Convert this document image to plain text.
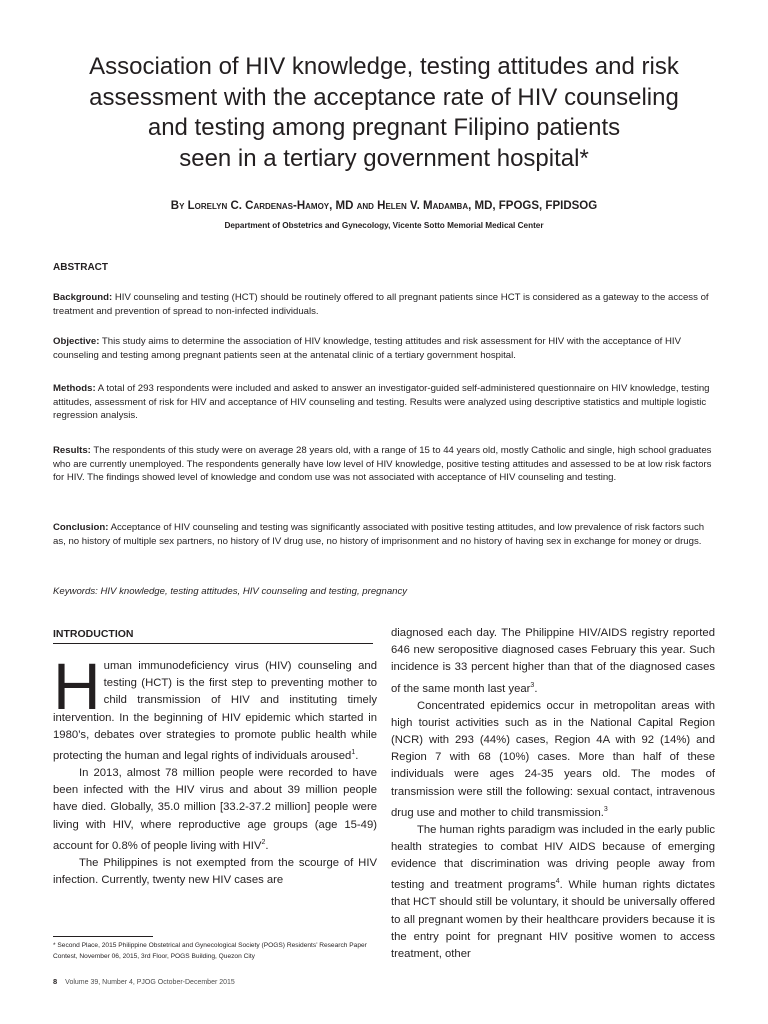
Association of HIV knowledge, testing attitudes and risk
assessment with the acceptance rate of HIV counseling
and testing among pregnant Filipino patients
seen in a tertiary government hospital*
By Lorelyn C. Cardenas-Hamoy, MD and Helen V. Madamba, MD, FPOGS, FPIDSOG
Department of Obstetrics and Gynecology, Vicente Sotto Memorial Medical Center
ABSTRACT
Background: HIV counseling and testing (HCT) should be routinely offered to all pregnant patients since HCT is considered as a gateway to the access of treatment and prevention of spread to non-infected individuals.
Objective: This study aims to determine the association of HIV knowledge, testing attitudes and risk assessment for HIV with the acceptance of HIV counseling and testing among pregnant patients seen at the antenatal clinic of a tertiary government hospital.
Methods: A total of 293 respondents were included and asked to answer an investigator-guided self-administered questionnaire on HIV knowledge, testing attitudes, assessment of risk for HIV and acceptance of HIV counseling and testing. Results were analyzed using descriptive statistics and multiple logistic regression analysis.
Results: The respondents of this study were on average 28 years old, with a range of 15 to 44 years old, mostly Catholic and single, high school graduates who are currently unemployed. The respondents generally have low level of HIV knowledge, positive testing attitudes and assessed to be at low risk factors for HIV. The findings showed level of knowledge and condom use was not associated with acceptance of HIV counseling and testing.
Conclusion: Acceptance of HIV counseling and testing was significantly associated with positive testing attitudes, and low prevalence of risk factors such as, no history of multiple sex partners, no history of IV drug use, no history of imprisonment and no history of having sex in exchange for money or drugs.
Keywords: HIV knowledge, testing attitudes, HIV counseling and testing, pregnancy
INTRODUCTION

Human immunodeficiency virus (HIV) counseling and testing (HCT) is the first step to preventing mother to child transmission of HIV and instituting timely intervention. In the beginning of HIV epidemic which started in 1980’s, debates over strategies to promote public health while protecting the human and legal rights of individuals aroused$^1$.

In 2013, almost 78 million people were recorded to have been infected with the HIV virus and about 39 million people have died. Globally, 35.0 million [33.2-37.2 million] people were living with HIV, where reproductive age groups (age 15-49) account for 0.8% of people living with HIV$^2$.

The Philippines is not exempted from the scourge of HIV infection. Currently, twenty new HIV cases are

diagnosed each day. The Philippine HIV/AIDS registry reported 646 new seropositive diagnosed cases February this year. Such incidence is 33 percent higher than that of the diagnosed cases of the same month last year$^3$.

Concentrated epidemics occur in metropolitan areas with high tourist activities such as in the National Capital Region (NCR) with 293 (44%) cases, Region 4A with 92 (14%) and Region 7 with 68 (10%) cases. More than half of these individuals were ages 24-35 years old. The modes of transmission were still the following: sexual contact, intravenous drug use and mother to child transmission.$^3$

The human rights paradigm was included in the early public health strategies to combat HIV AIDS because of emerging evidence that discrimination was driving people away from testing and treatment programs$^4$. While human rights dictates that HCT should still be voluntary, it should be universally offered to all pregnant women by their healthcare providers because it is the entry point for pregnant HIV positive women to access treatment, other

* Second Place, 2015 Philippine Obstetrical and Gynecological Society (POGS) Residents’ Research Paper Contest, November 06, 2015, 3rd Floor, POGS Building, Quezon City
8 Volume 39, Number 4, PJOG October-December 2015
